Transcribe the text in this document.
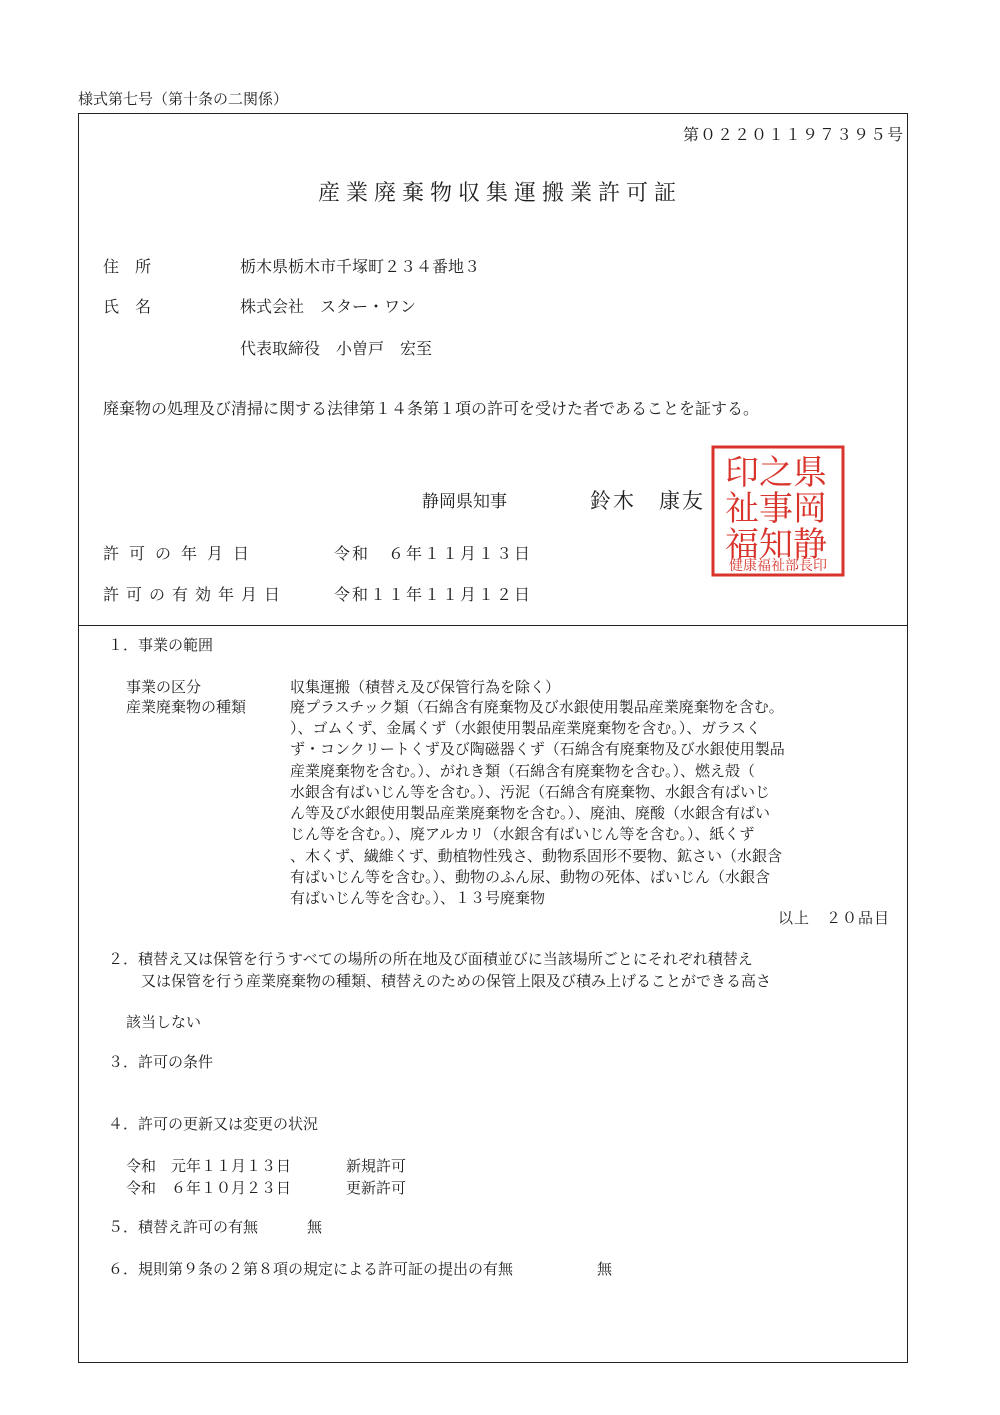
様式第七号（第十条の二関係）
第０２２０１１９７３９５号
産業廃棄物収集運搬業許可証
住　所	栃木県栃木市千塚町２３４番地３
氏　名	株式会社　スター・ワン
代表取締役　小曽戸　宏至
廃棄物の処理及び清掃に関する法律第１４条第１項の許可を受けた者であることを証する。
静岡県知事	鈴木　康友
県
岡
静
之
事
知
印
祉
福
健康福祉部長印
許可の年月日	令和　６年１１月１３日
許可の有効年月日	令和１１年１１月１２日
１．事業の範囲
事業の区分	収集運搬（積替え及び保管行為を除く）
産業廃棄物の種類	廃プラスチック類（石綿含有廃棄物及び水銀使用製品産業廃棄物を含む。
）、ゴムくず、金属くず（水銀使用製品産業廃棄物を含む。）、ガラスく
ず・コンクリートくず及び陶磁器くず（石綿含有廃棄物及び水銀使用製品
産業廃棄物を含む。）、がれき類（石綿含有廃棄物を含む。）、燃え殻（
水銀含有ばいじん等を含む。）、汚泥（石綿含有廃棄物、水銀含有ばいじ
ん等及び水銀使用製品産業廃棄物を含む。）、廃油、廃酸（水銀含有ばい
じん等を含む。）、廃アルカリ（水銀含有ばいじん等を含む。）、紙くず
、木くず、繊維くず、動植物性残さ、動物系固形不要物、鉱さい（水銀含
有ばいじん等を含む。）、動物のふん尿、動物の死体、ばいじん（水銀含
有ばいじん等を含む。）、１３号廃棄物
以上　２０品目
２．積替え又は保管を行うすべての場所の所在地及び面積並びに当該場所ごとにそれぞれ積替え
又は保管を行う産業廃棄物の種類、積替えのための保管上限及び積み上げることができる高さ
該当しない
３．許可の条件
４．許可の更新又は変更の状況
令和　元年１１月１３日	新規許可
令和　６年１０月２３日	更新許可
５．積替え許可の有無	無
６．規則第９条の２第８項の規定による許可証の提出の有無	無
